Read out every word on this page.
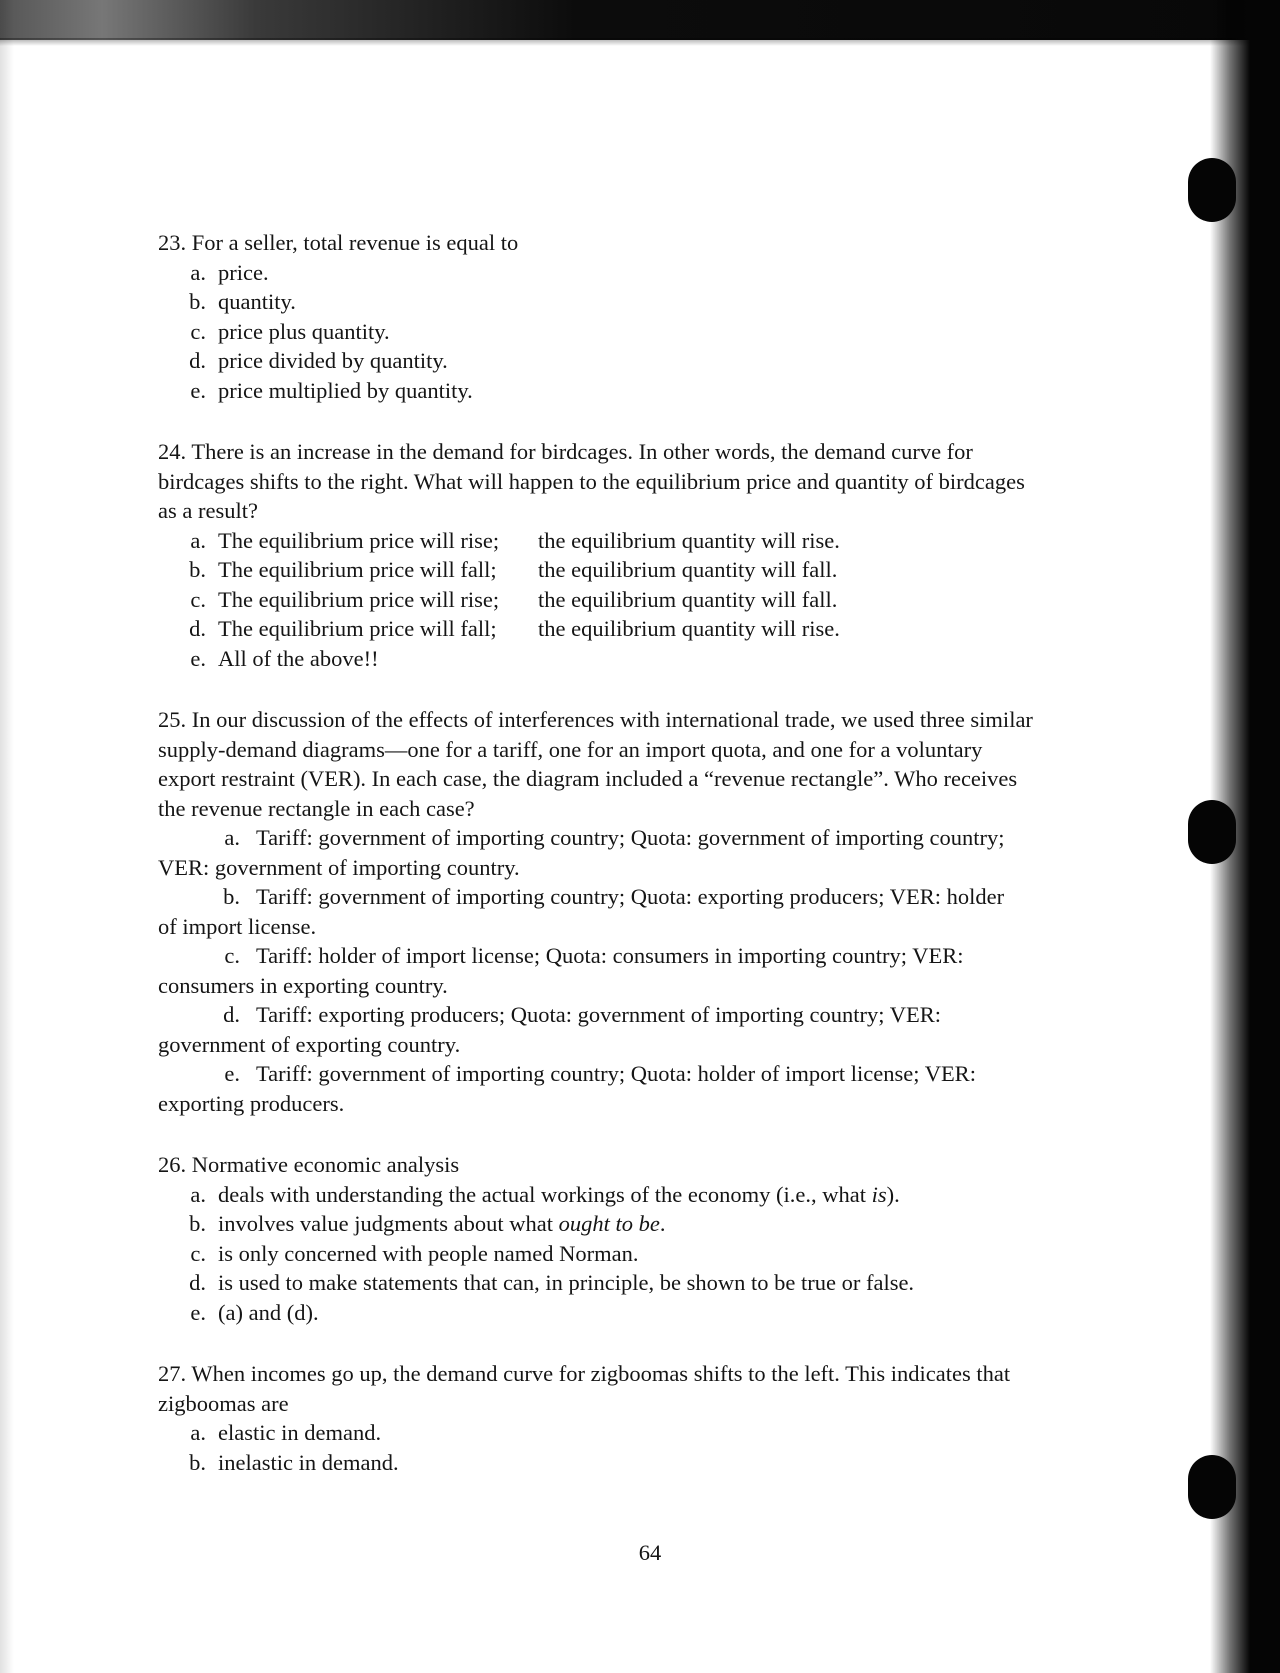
23. For a seller, total revenue is equal to

a. price.

b. quantity.

c. price plus quantity.

d. price divided by quantity.

e. price multiplied by quantity.

24. There is an increase in the demand for birdcages. In other words, the demand curve for

birdcages shifts to the right. What will happen to the equilibrium price and quantity of birdcages

as a result?

a. The equilibrium price will rise; the equilibrium quantity will rise.

b. The equilibrium price will fall; the equilibrium quantity will fall.

c. The equilibrium price will rise; the equilibrium quantity will fall.

d. The equilibrium price will fall; the equilibrium quantity will rise.

e. All of the above!!

25. In our discussion of the effects of interferences with international trade, we used three similar

supply-demand diagrams—one for a tariff, one for an import quota, and one for a voluntary

export restraint (VER). In each case, the diagram included a “revenue rectangle”. Who receives

the revenue rectangle in each case?

a. Tariff: government of importing country; Quota: government of importing country;

VER: government of importing country.

b. Tariff: government of importing country; Quota: exporting producers; VER: holder

of import license.

c. Tariff: holder of import license; Quota: consumers in importing country; VER:

consumers in exporting country.

d. Tariff: exporting producers; Quota: government of importing country; VER:

government of exporting country.

e. Tariff: government of importing country; Quota: holder of import license; VER:

exporting producers.

26. Normative economic analysis

a. deals with understanding the actual workings of the economy (i.e., what is).

b. involves value judgments about what ought to be.

c. is only concerned with people named Norman.

d. is used to make statements that can, in principle, be shown to be true or false.

e. (a) and (d).

27. When incomes go up, the demand curve for zigboomas shifts to the left. This indicates that

zigboomas are

a. elastic in demand.

b. inelastic in demand.

64
